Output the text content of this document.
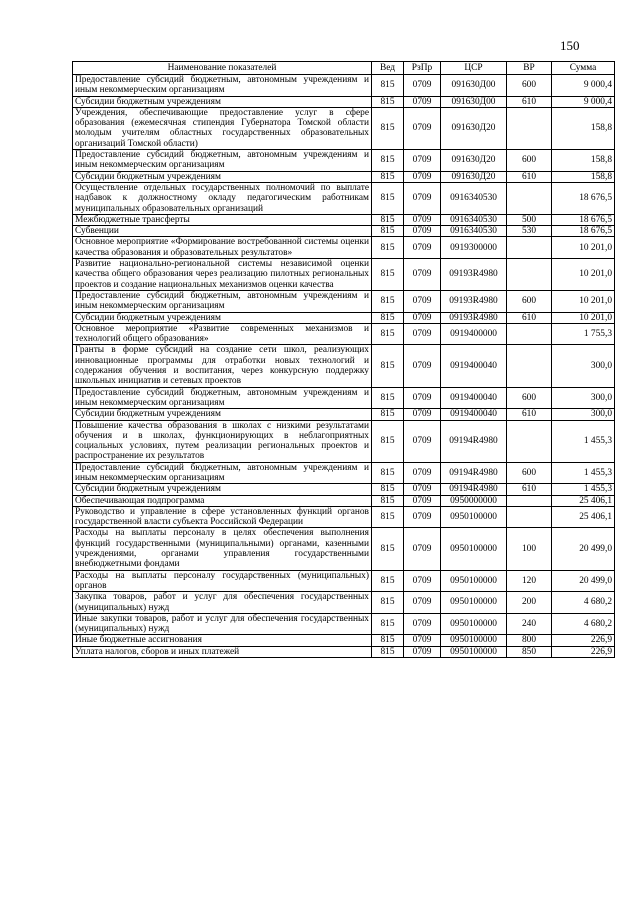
150
Наименование показателей	Вед	РзПр	ЦСР	ВР	Сумма
Предоставление субсидий бюджетным, автономным учреждениям и иным некоммерческим организациям	815	0709	091630Д00	600	9 000,4
Субсидии бюджетным учреждениям	815	0709	091630Д00	610	9 000,4
Учреждения, обеспечивающие предоставление услуг в сфере образования (ежемесячная стипендия Губернатора Томской области молодым учителям областных государственных образовательных организаций Томской области)	815	0709	091630Д20		158,8
Предоставление субсидий бюджетным, автономным учреждениям и иным некоммерческим организациям	815	0709	091630Д20	600	158,8
Субсидии бюджетным учреждениям	815	0709	091630Д20	610	158,8
Осуществление отдельных государственных полномочий по выплате надбавок к должностному окладу педагогическим работникам муниципальных образовательных организаций	815	0709	0916340530		18 676,5
Межбюджетные трансферты	815	0709	0916340530	500	18 676,5
Субвенции	815	0709	0916340530	530	18 676,5
Основное мероприятие «Формирование востребованной системы оценки качества образования и образовательных результатов»	815	0709	0919300000		10 201,0
Развитие национально-региональной системы независимой оценки качества общего образования через реализацию пилотных региональных проектов и создание национальных механизмов оценки качества	815	0709	09193R4980		10 201,0
Предоставление субсидий бюджетным, автономным учреждениям и иным некоммерческим организациям	815	0709	09193R4980	600	10 201,0
Субсидии бюджетным учреждениям	815	0709	09193R4980	610	10 201,0
Основное мероприятие «Развитие современных механизмов и технологий общего образования»	815	0709	0919400000		1 755,3
Гранты в форме субсидий на создание сети школ, реализующих инновационные программы для отработки новых технологий и содержания обучения и воспитания, через конкурсную поддержку школьных инициатив и сетевых проектов	815	0709	0919400040		300,0
Предоставление субсидий бюджетным, автономным учреждениям и иным некоммерческим организациям	815	0709	0919400040	600	300,0
Субсидии бюджетным учреждениям	815	0709	0919400040	610	300,0
Повышение качества образования в школах с низкими результатами обучения и в школах, функционирующих в неблагоприятных социальных условиях, путем реализации региональных проектов и распространение их результатов	815	0709	09194R4980		1 455,3
Предоставление субсидий бюджетным, автономным учреждениям и иным некоммерческим организациям	815	0709	09194R4980	600	1 455,3
Субсидии бюджетным учреждениям	815	0709	09194R4980	610	1 455,3
Обеспечивающая подпрограмма	815	0709	0950000000		25 406,1
Руководство и управление в сфере установленных функций органов государственной власти субъекта Российской Федерации	815	0709	0950100000		25 406,1
Расходы на выплаты персоналу в целях обеспечения выполнения функций государственными (муниципальными) органами, казенными учреждениями, органами управления государственными внебюджетными фондами	815	0709	0950100000	100	20 499,0
Расходы на выплаты персоналу государственных (муниципальных) органов	815	0709	0950100000	120	20 499,0
Закупка товаров, работ и услуг для обеспечения государственных (муниципальных) нужд	815	0709	0950100000	200	4 680,2
Иные закупки товаров, работ и услуг для обеспечения государственных (муниципальных) нужд	815	0709	0950100000	240	4 680,2
Иные бюджетные ассигнования	815	0709	0950100000	800	226,9
Уплата налогов, сборов и иных платежей	815	0709	0950100000	850	226,9
